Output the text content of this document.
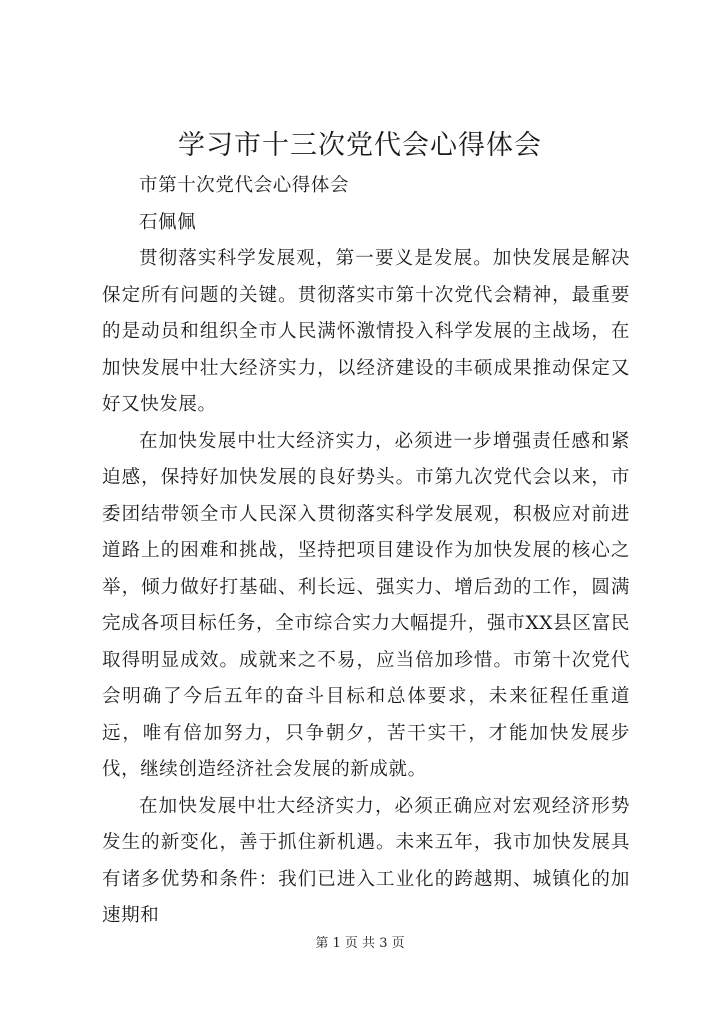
学习市十三次党代会心得体会

市第十次党代会心得体会

石佩佩

贯彻落实科学发展观，第一要义是发展。加快发展是解决保定所有问题的关键。贯彻落实市第十次党代会精神，最重要的是动员和组织全市人民满怀激情投入科学发展的主战场，在加快发展中壮大经济实力，以经济建设的丰硕成果推动保定又好又快发展。

在加快发展中壮大经济实力，必须进一步增强责任感和紧迫感，保持好加快发展的良好势头。市第九次党代会以来，市委团结带领全市人民深入贯彻落实科学发展观，积极应对前进道路上的困难和挑战，坚持把项目建设作为加快发展的核心之举，倾力做好打基础、利长远、强实力、增后劲的工作，圆满完成各项目标任务，全市综合实力大幅提升，强市XX县区富民取得明显成效。成就来之不易，应当倍加珍惜。市第十次党代会明确了今后五年的奋斗目标和总体要求，未来征程任重道远，唯有倍加努力，只争朝夕，苦干实干，才能加快发展步伐，继续创造经济社会发展的新成就。

在加快发展中壮大经济实力，必须正确应对宏观经济形势发生的新变化，善于抓住新机遇。未来五年，我市加快发展具有诸多优势和条件：我们已进入工业化的跨越期、城镇化的加速期和

第 1 页 共 3 页
